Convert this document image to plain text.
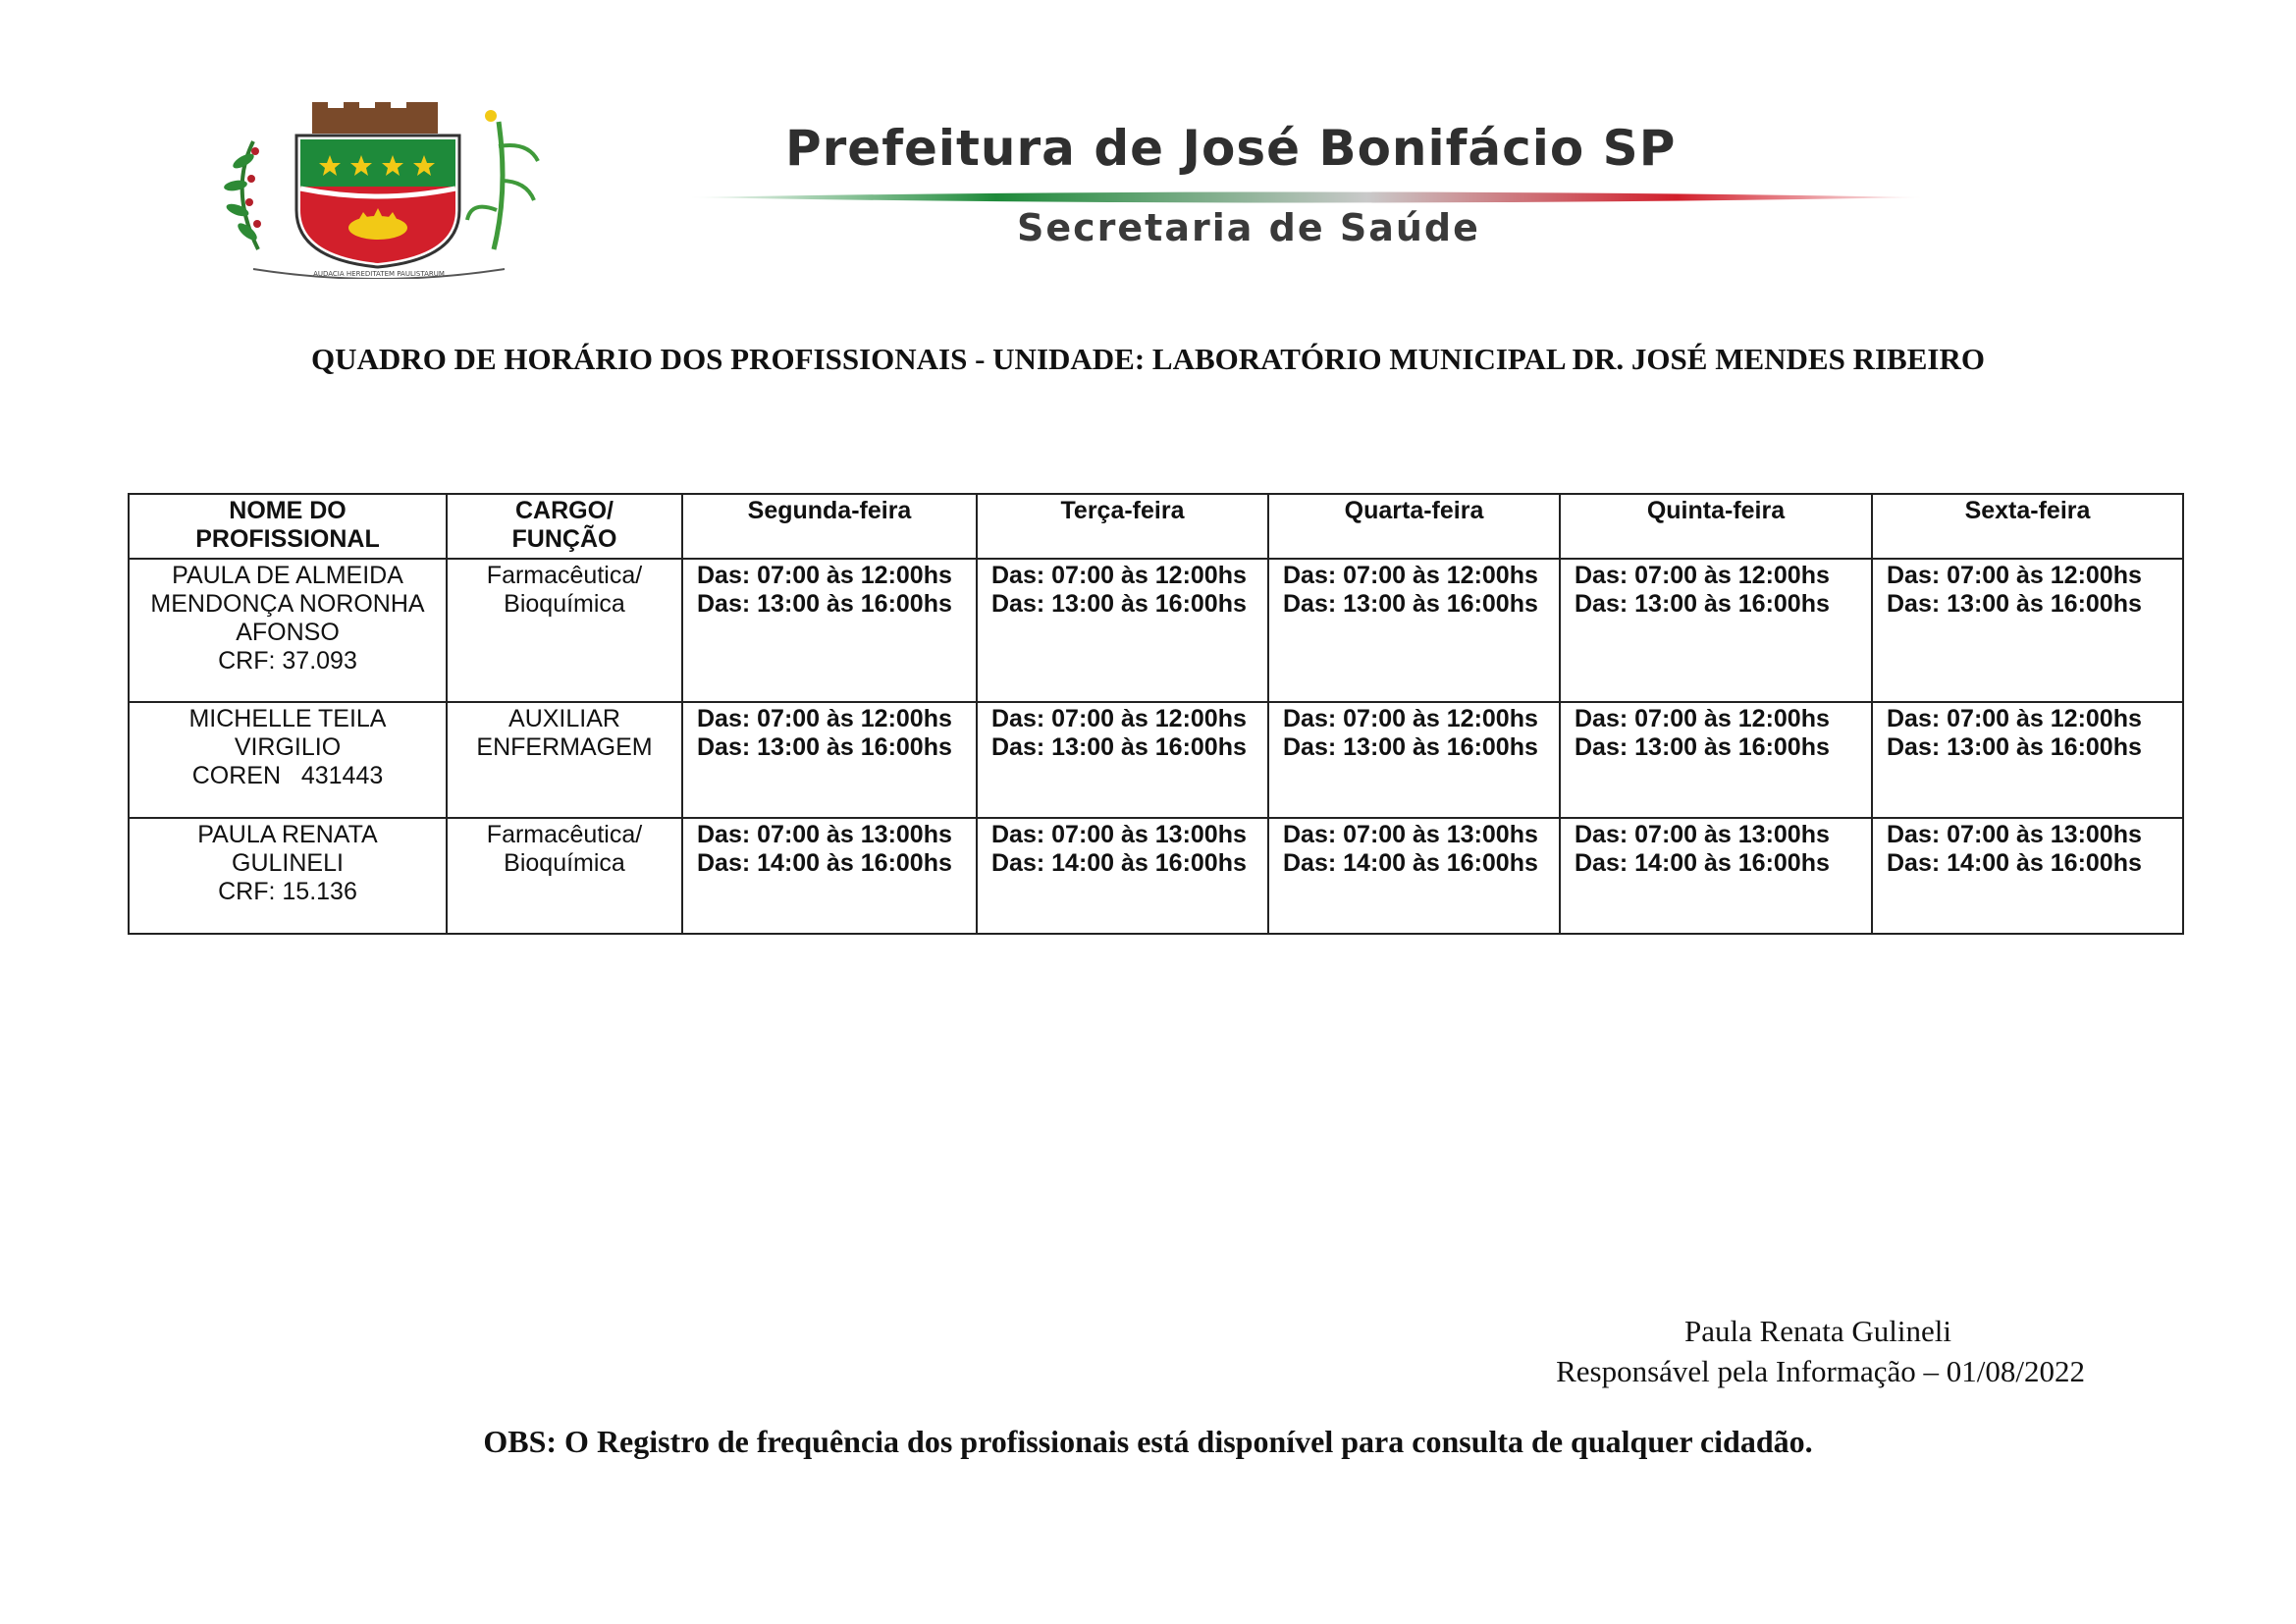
AUDACIA HEREDITATEM PAULISTARUM
Prefeitura de José Bonifácio SP
Secretaria de Saúde
QUADRO DE HORÁRIO DOS PROFISSIONAIS - UNIDADE: LABORATÓRIO MUNICIPAL DR. JOSÉ MENDES RIBEIRO
NOME DO
PROFISSIONAL	CARGO/
FUNÇÃO	Segunda-feira	Terça-feira	Quarta-feira	Quinta-feira	Sexta-feira

PAULA DE ALMEIDA
MENDONÇA NORONHA
AFONSO
CRF: 37.093	Farmacêutica/
Bioquímica	Das: 07:00 às 12:00hs
Das: 13:00 às 16:00hs	Das: 07:00 às 12:00hs
Das: 13:00 às 16:00hs	Das: 07:00 às 12:00hs
Das: 13:00 às 16:00hs	Das: 07:00 às 12:00hs
Das: 13:00 às 16:00hs	Das: 07:00 às 12:00hs
Das: 13:00 às 16:00hs

MICHELLE TEILA
VIRGILIO
COREN   431443	AUXILIAR
ENFERMAGEM	Das: 07:00 às 12:00hs
Das: 13:00 às 16:00hs	Das: 07:00 às 12:00hs
Das: 13:00 às 16:00hs	Das: 07:00 às 12:00hs
Das: 13:00 às 16:00hs	Das: 07:00 às 12:00hs
Das: 13:00 às 16:00hs	Das: 07:00 às 12:00hs
Das: 13:00 às 16:00hs

PAULA RENATA
GULINELI
CRF: 15.136	Farmacêutica/
Bioquímica	Das: 07:00 às 13:00hs
Das: 14:00 às 16:00hs	Das: 07:00 às 13:00hs
Das: 14:00 às 16:00hs	Das: 07:00 às 13:00hs
Das: 14:00 às 16:00hs	Das: 07:00 às 13:00hs
Das: 14:00 às 16:00hs	Das: 07:00 às 13:00hs
Das: 14:00 às 16:00hs
Paula Renata Gulineli
Responsável pela Informação – 01/08/2022
OBS: O Registro de frequência dos profissionais está disponível para consulta de qualquer cidadão.
